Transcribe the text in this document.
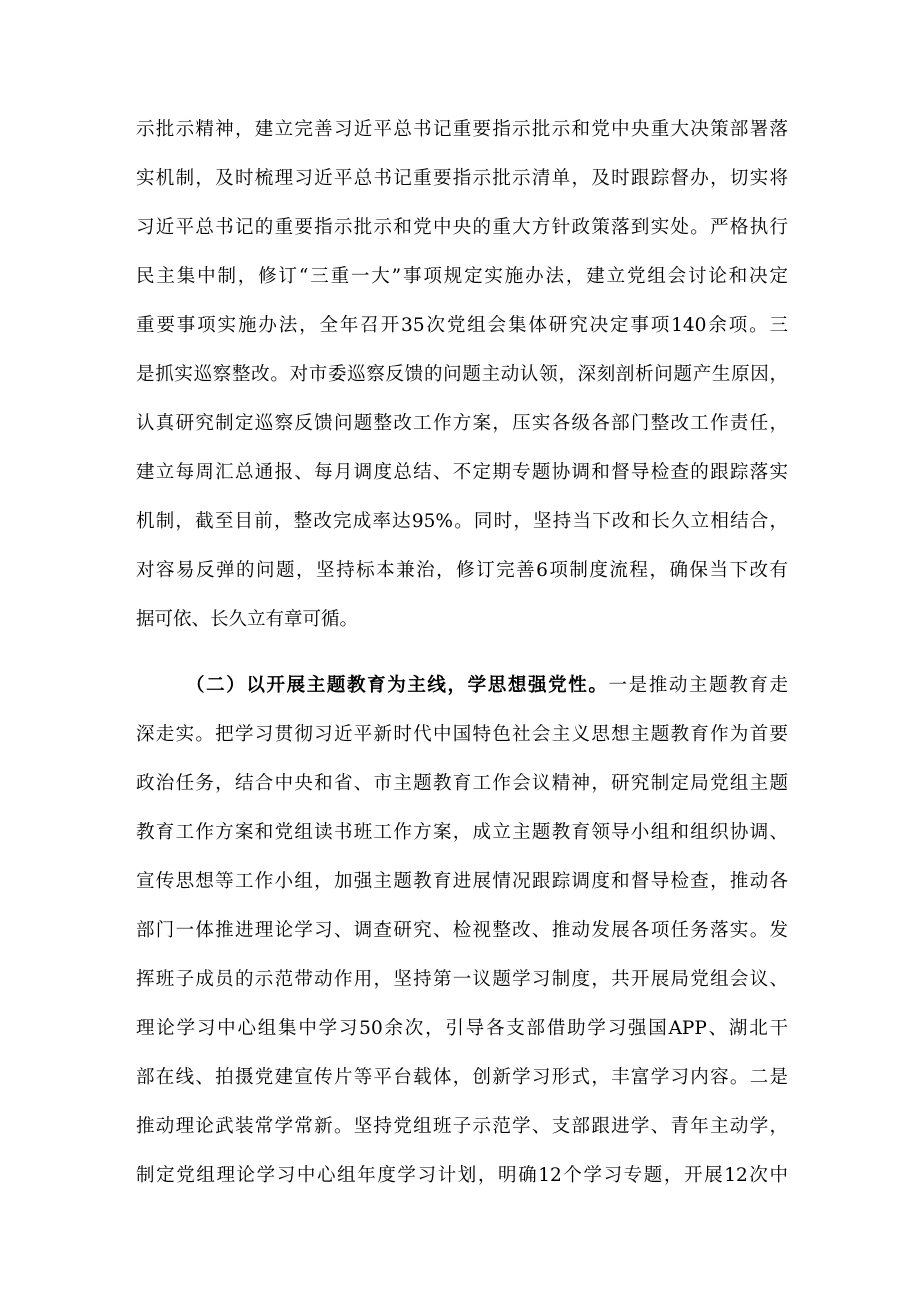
示批示精神，建立完善习近平总书记重要指示批示和党中央重大决策部署落
实机制，及时梳理习近平总书记重要指示批示清单，及时跟踪督办，切实将
习近平总书记的重要指示批示和党中央的重大方针政策落到实处。严格执行
民主集中制，修订“三重一大”事项规定实施办法，建立党组会讨论和决定
重要事项实施办法，全年召开35次党组会集体研究决定事项140余项。三
是抓实巡察整改。对市委巡察反馈的问题主动认领，深刻剖析问题产生原因，
认真研究制定巡察反馈问题整改工作方案，压实各级各部门整改工作责任，
建立每周汇总通报、每月调度总结、不定期专题协调和督导检查的跟踪落实
机制，截至目前，整改完成率达95%。同时，坚持当下改和长久立相结合，
对容易反弹的问题，坚持标本兼治，修订完善6项制度流程，确保当下改有
据可依、长久立有章可循。
（二）以开展主题教育为主线，学思想强党性。一是推动主题教育走
深走实。把学习贯彻习近平新时代中国特色社会主义思想主题教育作为首要
政治任务，结合中央和省、市主题教育工作会议精神，研究制定局党组主题
教育工作方案和党组读书班工作方案，成立主题教育领导小组和组织协调、
宣传思想等工作小组，加强主题教育进展情况跟踪调度和督导检查，推动各
部门一体推进理论学习、调查研究、检视整改、推动发展各项任务落实。发
挥班子成员的示范带动作用，坚持第一议题学习制度，共开展局党组会议、
理论学习中心组集中学习50余次，引导各支部借助学习强国APP、湖北干
部在线、拍摄党建宣传片等平台载体，创新学习形式，丰富学习内容。二是
推动理论武装常学常新。坚持党组班子示范学、支部跟进学、青年主动学，
制定党组理论学习中心组年度学习计划，明确12个学习专题，开展12次中
